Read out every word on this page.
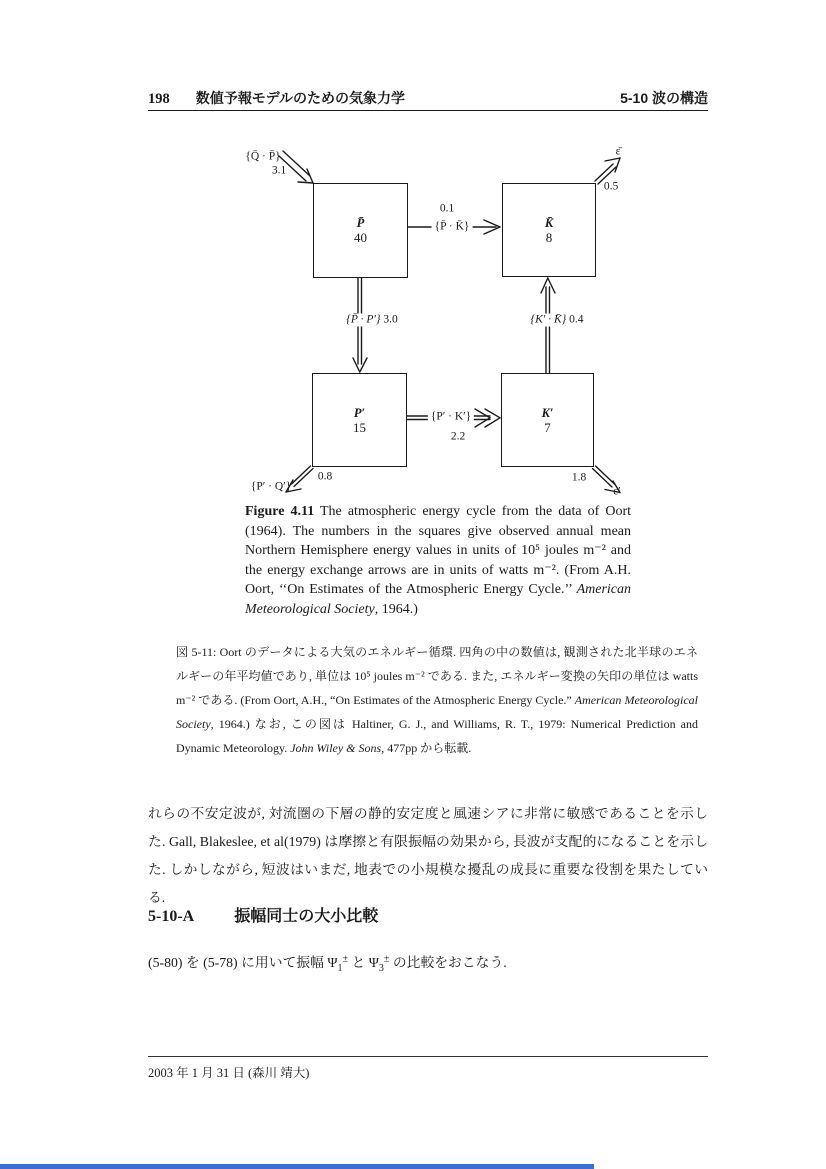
198 数値予報モデルのための気象力学	5-10 波の構造
P̄
40
K̄
8
P′
15
K′
7
{Q̄ · P̄}
3.1
ε̄
0.5
0.1
{P̄ · K̄}
{P̄ · P′} 3.0	{K′ · K̄} 0.4
{P′ · K′}
2.2
{P′ · Q′}
0.8	1.8
ε′
Figure 4.11 The atmospheric energy cycle from the data of Oort (1964). The numbers in the squares give observed annual mean Northern Hemisphere energy values in units of 10⁵ joules m⁻² and the energy exchange arrows are in units of watts m⁻². (From A.H. Oort, ‘‘On Estimates of the Atmospheric Energy Cycle.’’ American Meteorological Society, 1964.)
図 5-11: Oort のデータによる大気のエネルギー循環. 四角の中の数値は, 観測された北半球のエネルギーの年平均値であり, 単位は 10⁵ joules m⁻² である. また, エネルギー変換の矢印の単位は watts m⁻² である. (From Oort, A.H., “On Estimates of the Atmospheric Energy Cycle.” American Meteorological Society, 1964.) なお, この図は Haltiner, G. J., and Williams, R. T., 1979: Numerical Prediction and Dynamic Meteorology. John Wiley & Sons, 477pp から転載.
れらの不安定波が, 対流圏の下層の静的安定度と風速シアに非常に敏感であることを示した. Gall, Blakeslee, et al(1979) は摩擦と有限振幅の効果から, 長波が支配的になることを示した. しかしながら, 短波はいまだ, 地表での小規模な擾乱の成長に重要な役割を果たしている.
5-10-A	振幅同士の大小比較
(5-80) を (5-78) に用いて振幅 $\Psi_1^\pm$ と $\Psi_3^\pm$ の比較をおこなう.
2003 年 1 月 31 日 (森川 靖大)
